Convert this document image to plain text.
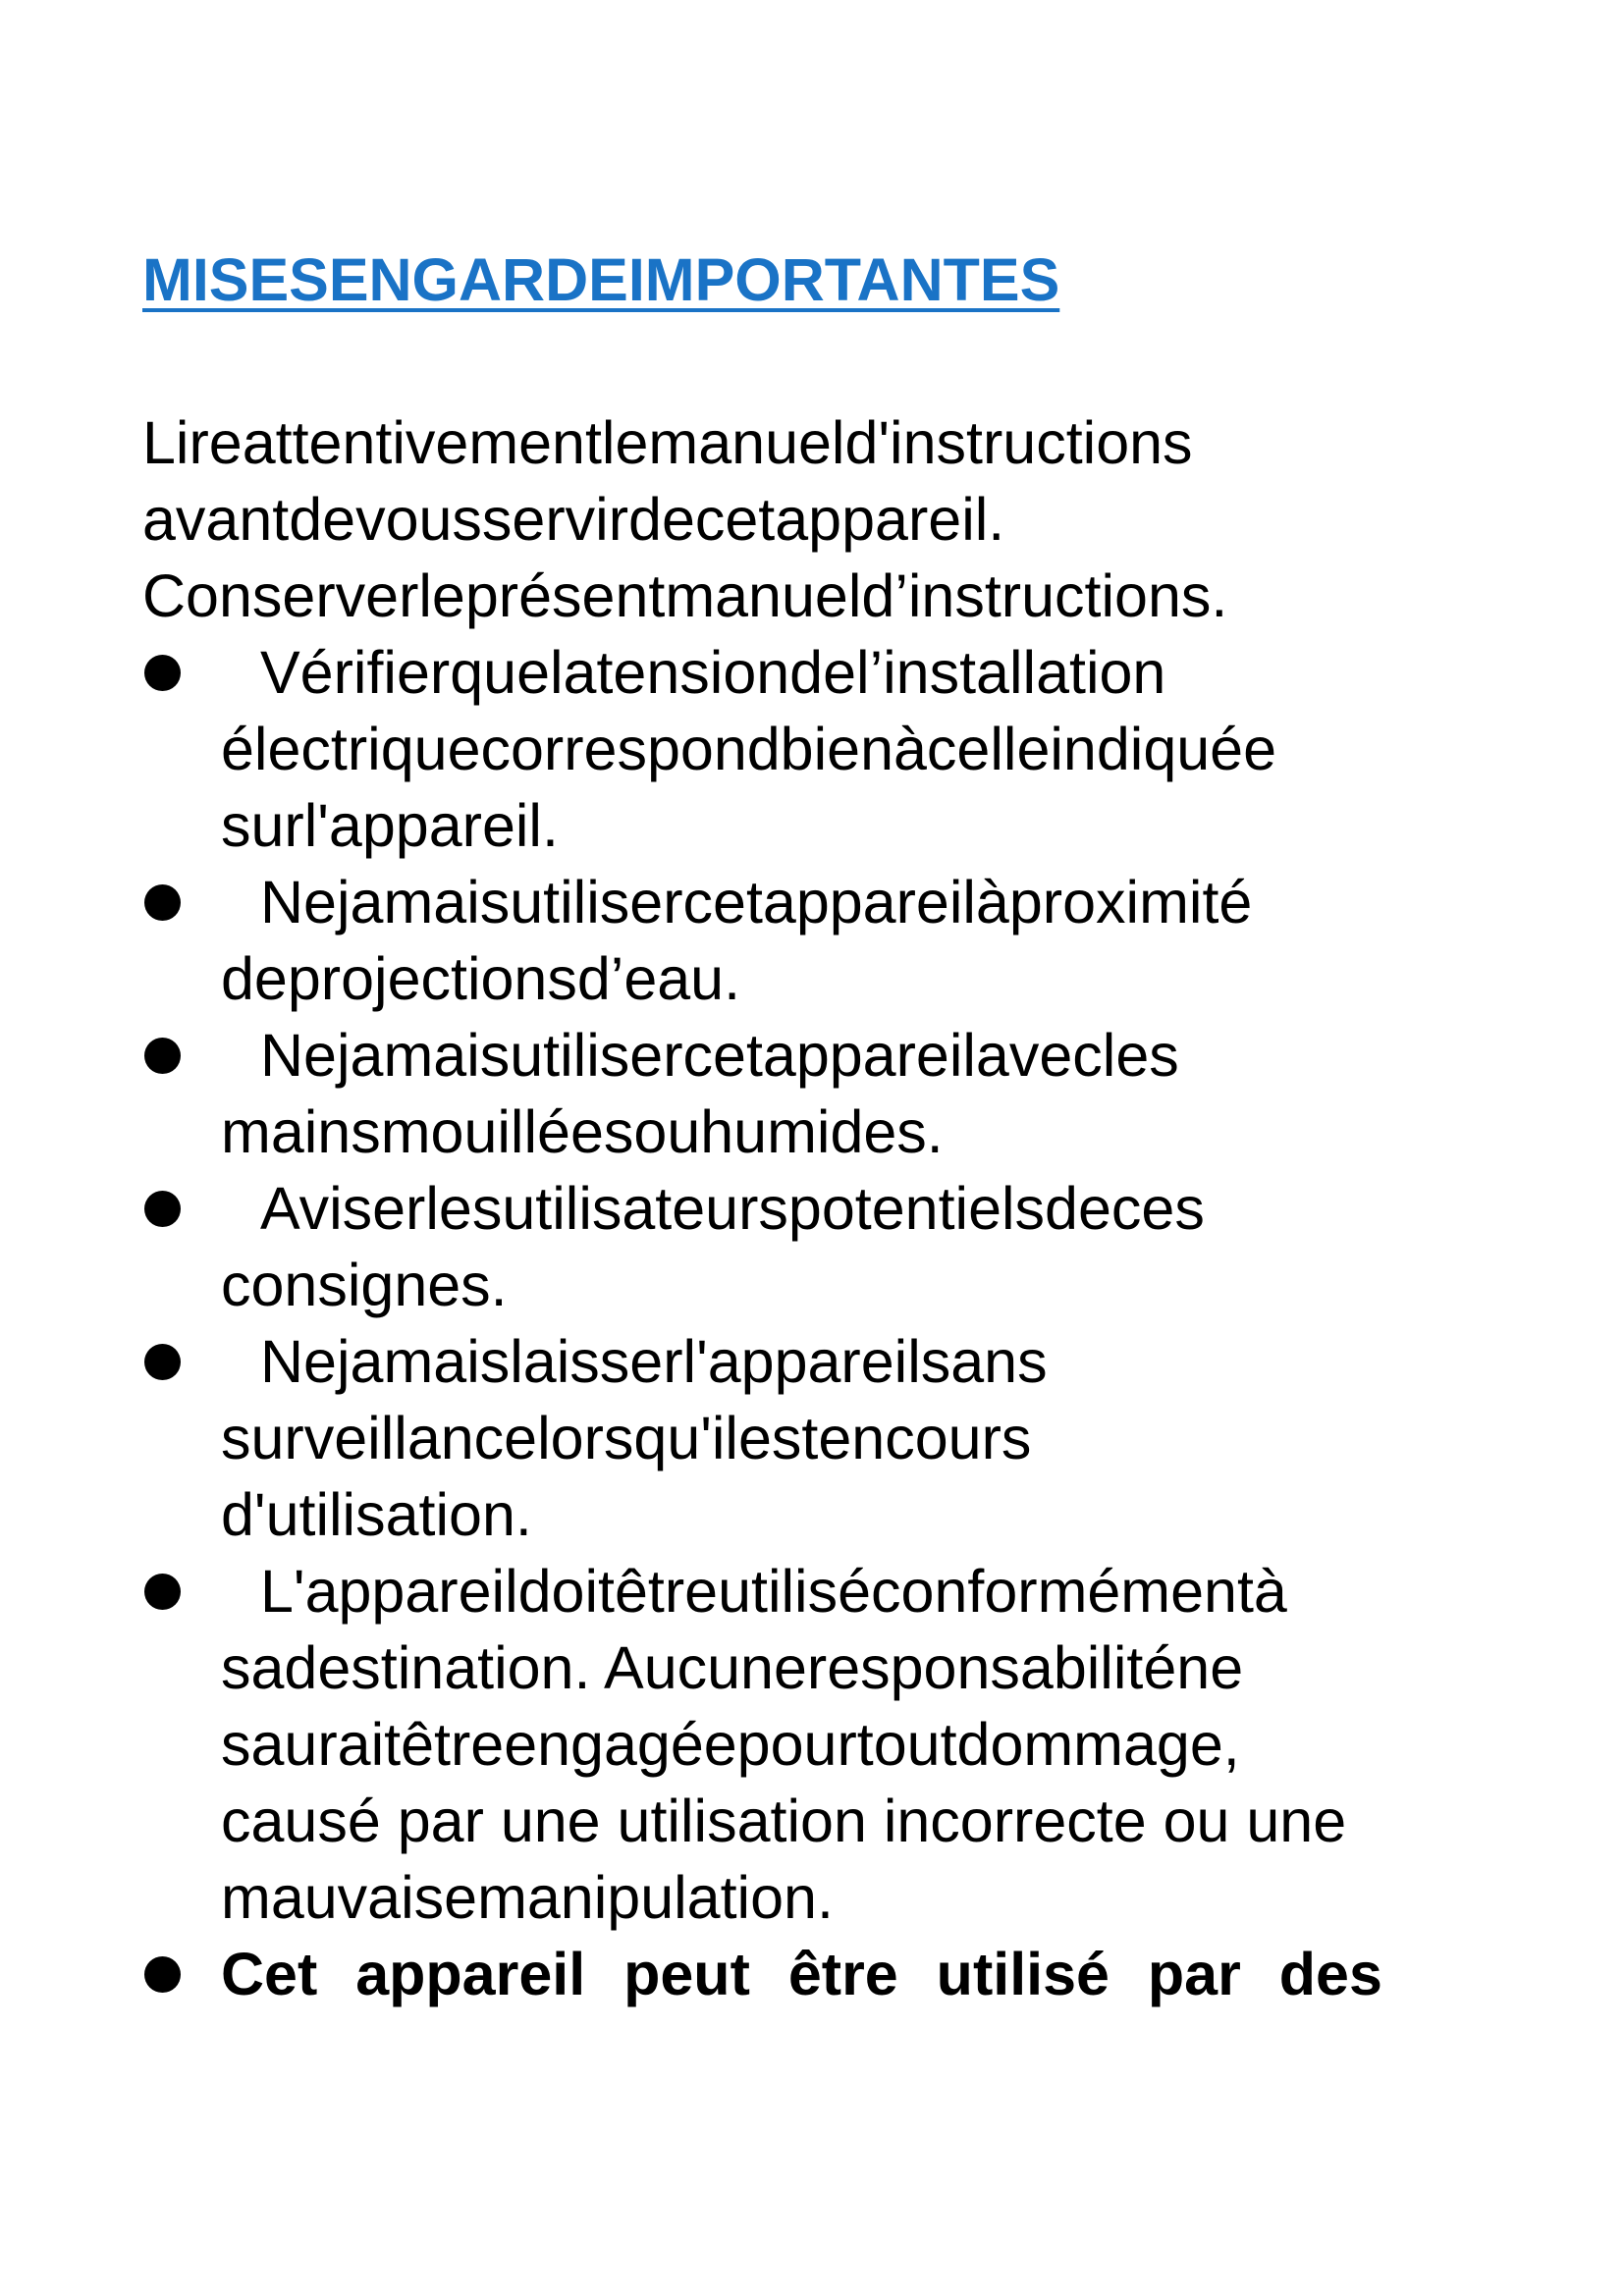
MISESENGARDEIMPORTANTES
Lireattentivementlemanueld'instructions
avantdevousservirdecetappareil.
Conserverleprésentmanueld’instructions.
Vérifierquelatensiondel’installation
électriquecorrespondbienàcelleindiquée
surl'appareil.
Nejamaisutilisercetappareilàproximité
deprojectionsd’eau.
Nejamaisutilisercetappareilavecles
mainsmouilléesouhumides.
Aviserlesutilisateurspotentielsdeces
consignes.
Nejamaislaisserl'appareilsans
surveillancelorsqu'ilestencours
d'utilisation.
L'appareildoitêtreutiliséconformémentà
sadestination. Aucuneresponsabiliténe
sauraitêtreengagéepourtoutdommage,
causé par une utilisation incorrecte ou une
mauvaisemanipulation.
Cet appareil peut être utilisé par des
